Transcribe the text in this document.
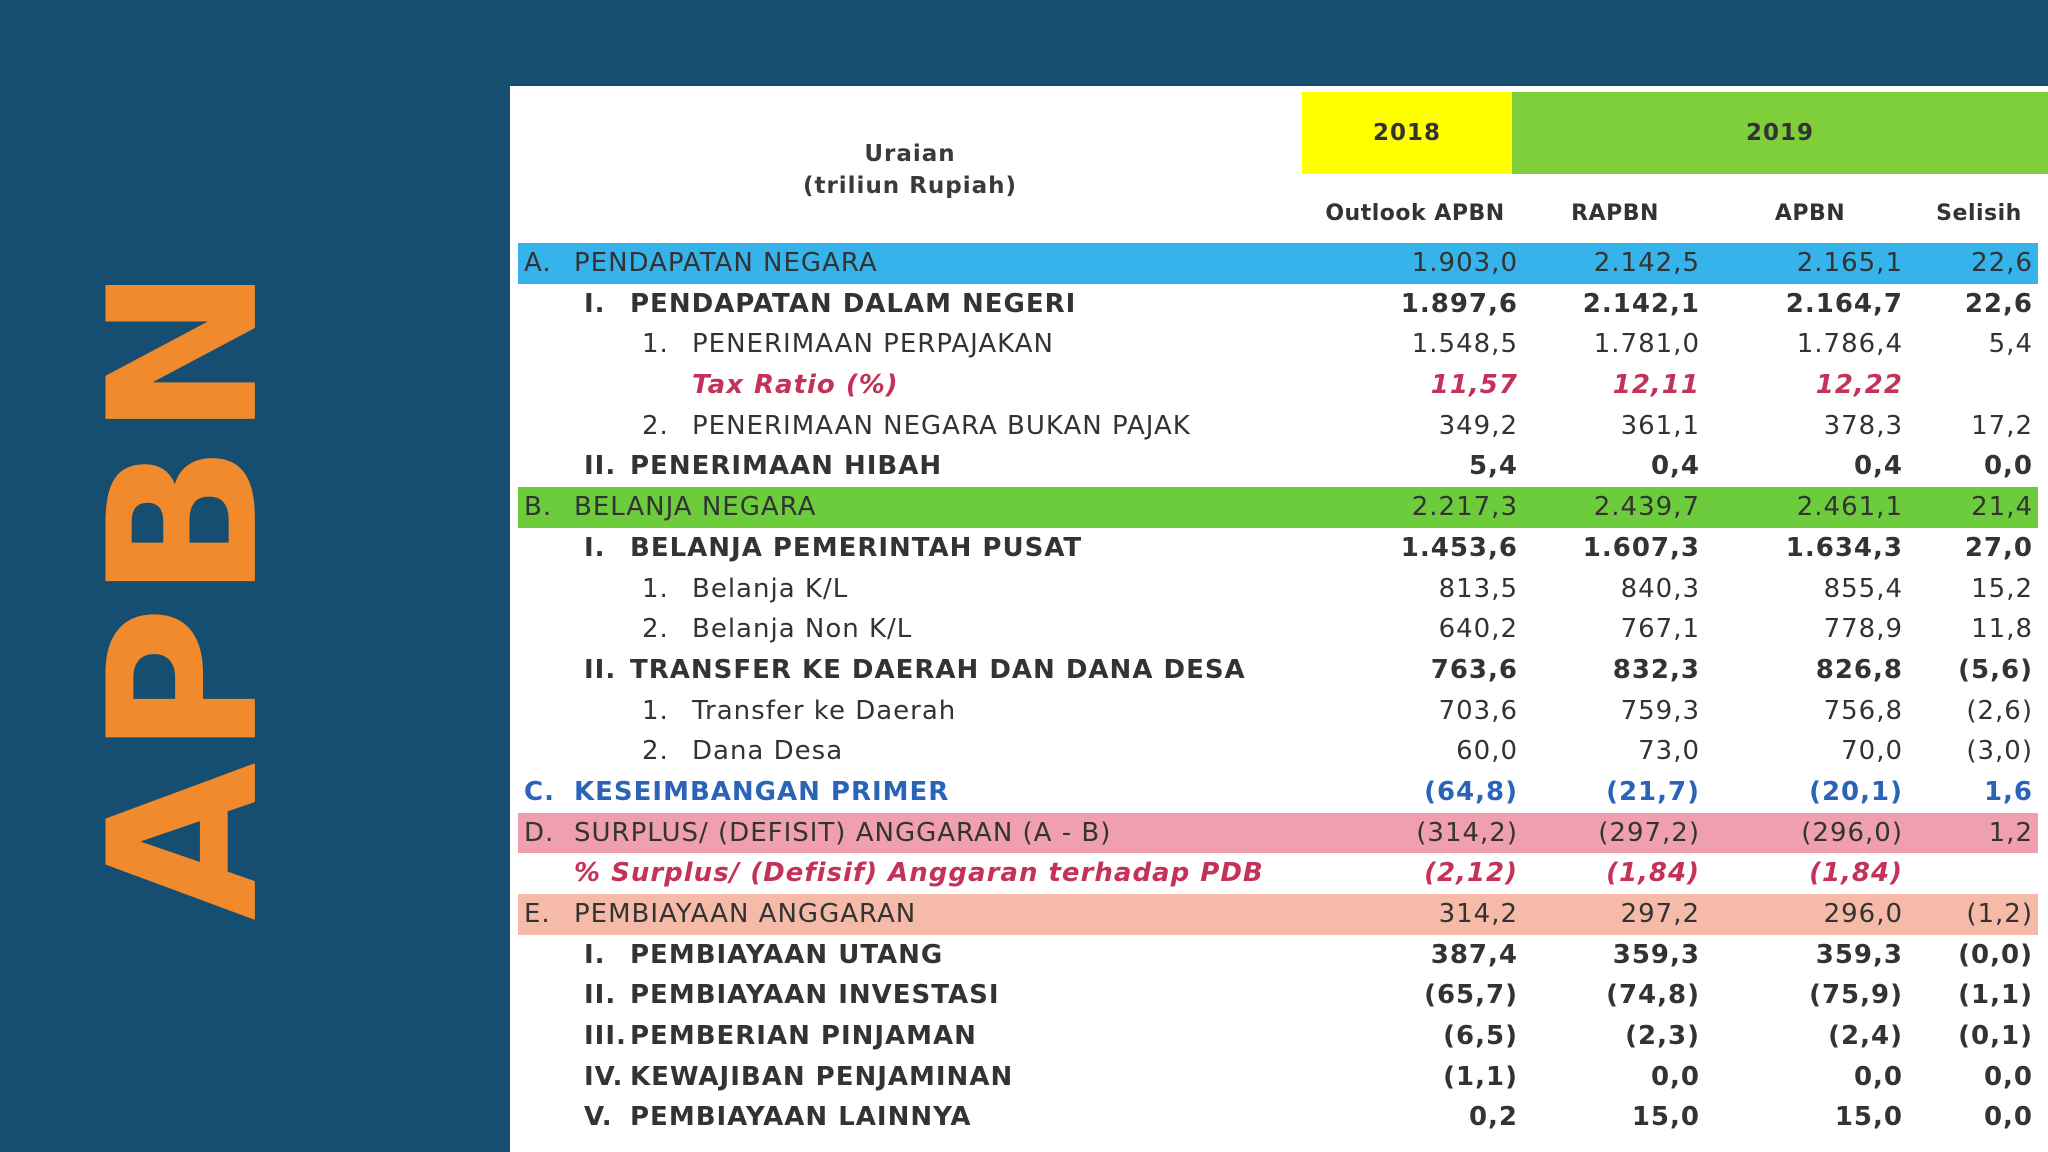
APBN
Uraian
(triliun Rupiah)
2018	2019
Outlook APBN	RAPBN	APBN	Selisih
A. PENDAPATAN NEGARA	1.903,0	2.142,5	2.165,1	22,6
I. PENDAPATAN DALAM NEGERI	1.897,6 2.142,1	2.164,7 22,6
1. PENERIMAAN PERPAJAKAN	1.548,5	1.781,0	1.786,4	5,4
Tax Ratio (%)	11,57	12,11	12,22
2. PENERIMAAN NEGARA BUKAN PAJAK	349,2	361,1	378,3	17,2
II. PENERIMAAN HIBAH	5,4	0,4	0,4	0,0
B. BELANJA NEGARA	2.217,3	2.439,7	2.461,1	21,4
I. BELANJA PEMERINTAH PUSAT	1.453,6 1.607,3	1.634,3 27,0
1. Belanja K/L	813,5	840,3	855,4	15,2
2. Belanja Non K/L	640,2	767,1	778,9	11,8
II. TRANSFER KE DAERAH DAN DANA DESA	763,6	832,3	826,8 (5,6)
1. Transfer ke Daerah	703,6	759,3	756,8 (2,6)
2. Dana Desa	60,0	73,0	70,0 (3,0)
C. KESEIMBANGAN PRIMER	(64,8)	(21,7)	(20,1)	1,6
D. SURPLUS/ (DEFISIT) ANGGARAN (A - B)	(314,2)	(297,2)	(296,0)	1,2
% Surplus/ (Defisif) Anggaran terhadap PDB	(2,12)	(1,84)	(1,84)
E. PEMBIAYAAN ANGGARAN	314,2	297,2	296,0 (1,2)
I. PEMBIAYAAN UTANG	387,4	359,3	359,3 (0,0)
II. PEMBIAYAAN INVESTASI	(65,7)	(74,8)	(75,9) (1,1)
III. PEMBERIAN PINJAMAN	(6,5)	(2,3)	(2,4) (0,1)
IV. KEWAJIBAN PENJAMINAN	(1,1)	0,0	0,0	0,0
V. PEMBIAYAAN LAINNYA	0,2	15,0	15,0	0,0
